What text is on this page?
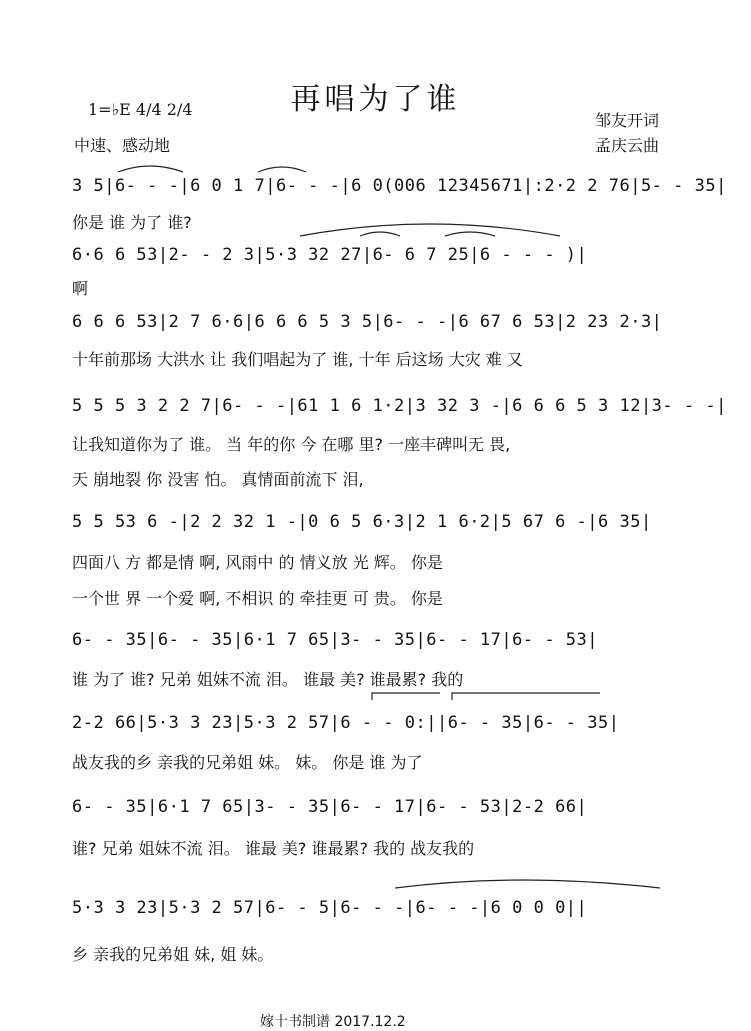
再唱为了谁
1=♭E 4/4 2/4
中速、感动地
邹友开词
孟庆云曲
3 5|6- - -|6 0 1 7|6- - -|6 0(006 12345671|:2·2 2 76|5- - 35|
你是 谁 为了 谁?
6·6 6 53|2- - 2 3|5·3 32 27|6- 6 7 25|6 - - - )|
啊
6 6 6 53|2 7 6·6|6 6 6 5 3 5|6- - -|6 67 6 53|2 23 2·3|
十年前那场 大洪水 让 我们唱起为了 谁, 十年 后这场 大灾 难 又
5 5 5 3 2 2 7|6- - -|61 1 6 1·2|3 32 3 -|6 6 6 5 3 12|3- - -|
让我知道你为了 谁。 当 年的你 今 在哪 里? 一座丰碑叫无 畏,
天 崩地裂 你 没害 怕。 真情面前流下 泪,
5 5 53 6 -|2 2 32 1 -|0 6 5 6·3|2 1 6·2|5 67 6 -|6 35|
四面八 方 都是情 啊, 风雨中 的 情义放 光 辉。 你是
一个世 界 一个爱 啊, 不相识 的 牵挂更 可 贵。 你是
6- - 35|6- - 35|6·1 7 65|3- - 35|6- - 17|6- - 53|
谁 为了 谁? 兄弟 姐妹不流 泪。 谁最 美? 谁最累? 我的
2-2 66|5·3 3 23|5·3 2 57|6 - - 0:||6- - 35|6- - 35|
战友我的乡 亲我的兄弟姐 妹。 妹。 你是 谁 为了
6- - 35|6·1 7 65|3- - 35|6- - 17|6- - 53|2-2 66|
谁? 兄弟 姐妹不流 泪。 谁最 美? 谁最累? 我的 战友我的
5·3 3 23|5·3 2 57|6- - 5|6- - -|6- - -|6 0 0 0||
乡 亲我的兄弟姐 妹, 姐 妹。
嫁十书制谱 2017.12.2
